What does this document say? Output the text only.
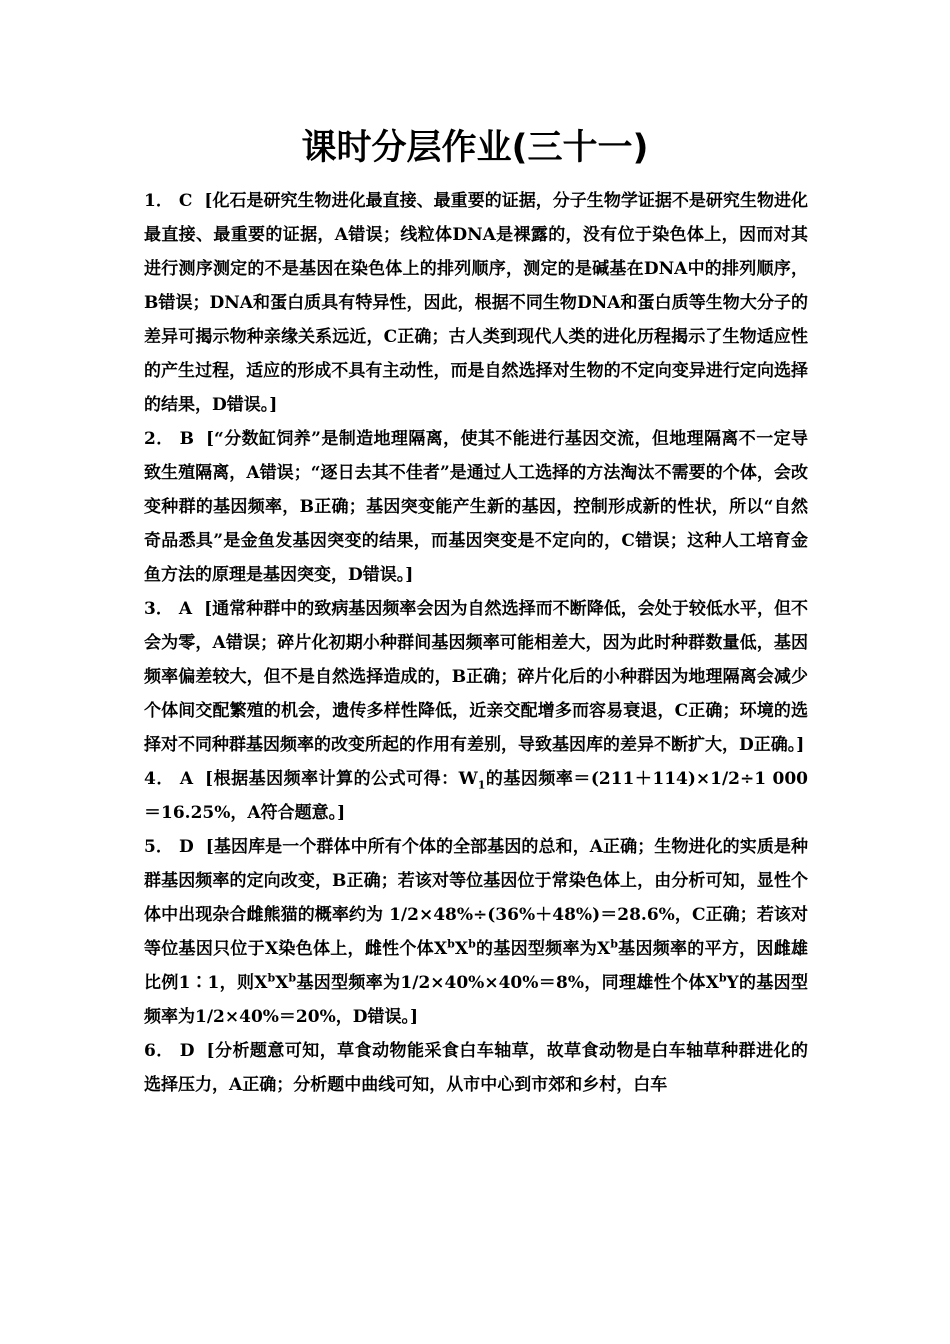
课时分层作业(三十一)

1． C [化石是研究生物进化最直接、最重要的证据，分子生物学证据不是研究生物进化最直接、最重要的证据，A错误；线粒体DNA是裸露的，没有位于染色体上，因而对其进行测序测定的不是基因在染色体上的排列顺序，测定的是碱基在DNA中的排列顺序，B错误；DNA和蛋白质具有特异性，因此，根据不同生物DNA和蛋白质等生物大分子的差异可揭示物种亲缘关系远近，C正确；古人类到现代人类的进化历程揭示了生物适应性的产生过程，适应的形成不具有主动性，而是自然选择对生物的不定向变异进行定向选择的结果，D错误。]

2． B [“分数缸饲养”是制造地理隔离，使其不能进行基因交流，但地理隔离不一定导致生殖隔离，A错误；“逐日去其不佳者”是通过人工选择的方法淘汰不需要的个体，会改变种群的基因频率，B正确；基因突变能产生新的基因，控制形成新的性状，所以“自然奇品悉具”是金鱼发基因突变的结果，而基因突变是不定向的，C错误；这种人工培育金鱼方法的原理是基因突变，D错误。]

3． A [通常种群中的致病基因频率会因为自然选择而不断降低，会处于较低水平，但不会为零，A错误；碎片化初期小种群间基因频率可能相差大，因为此时种群数量低，基因频率偏差较大，但不是自然选择造成的，B正确；碎片化后的小种群因为地理隔离会减少个体间交配繁殖的机会，遗传多样性降低，近亲交配增多而容易衰退，C正确；环境的选择对不同种群基因频率的改变所起的作用有差别，导致基因库的差异不断扩大，D正确。]

4． A [根据基因频率计算的公式可得：$W_1$的基因频率＝(211＋114)×1/2÷1 000＝16.25%，A符合题意。]

5． D [基因库是一个群体中所有个体的全部基因的总和，A正确；生物进化的实质是种群基因频率的定向改变，B正确；若该对等位基因位于常染色体上，由分析可知，显性个体中出现杂合雌熊猫的概率约为 1/2×48%÷(36%＋48%)＝28.6%，C正确；若该对等位基因只位于X染色体上，雌性个体$X^bX^b$的基因型频率为$X^b$基因频率的平方，因雌雄比例1∶1，则$X^bX^b$基因型频率为1/2×40%×40%＝8%，同理雄性个体$X^bY$的基因型频率为1/2×40%＝20%，D错误。]

6． D [分析题意可知，草食动物能采食白车轴草，故草食动物是白车轴草种群进化的选择压力，A正确；分析题中曲线可知，从市中心到市郊和乡村，白车
